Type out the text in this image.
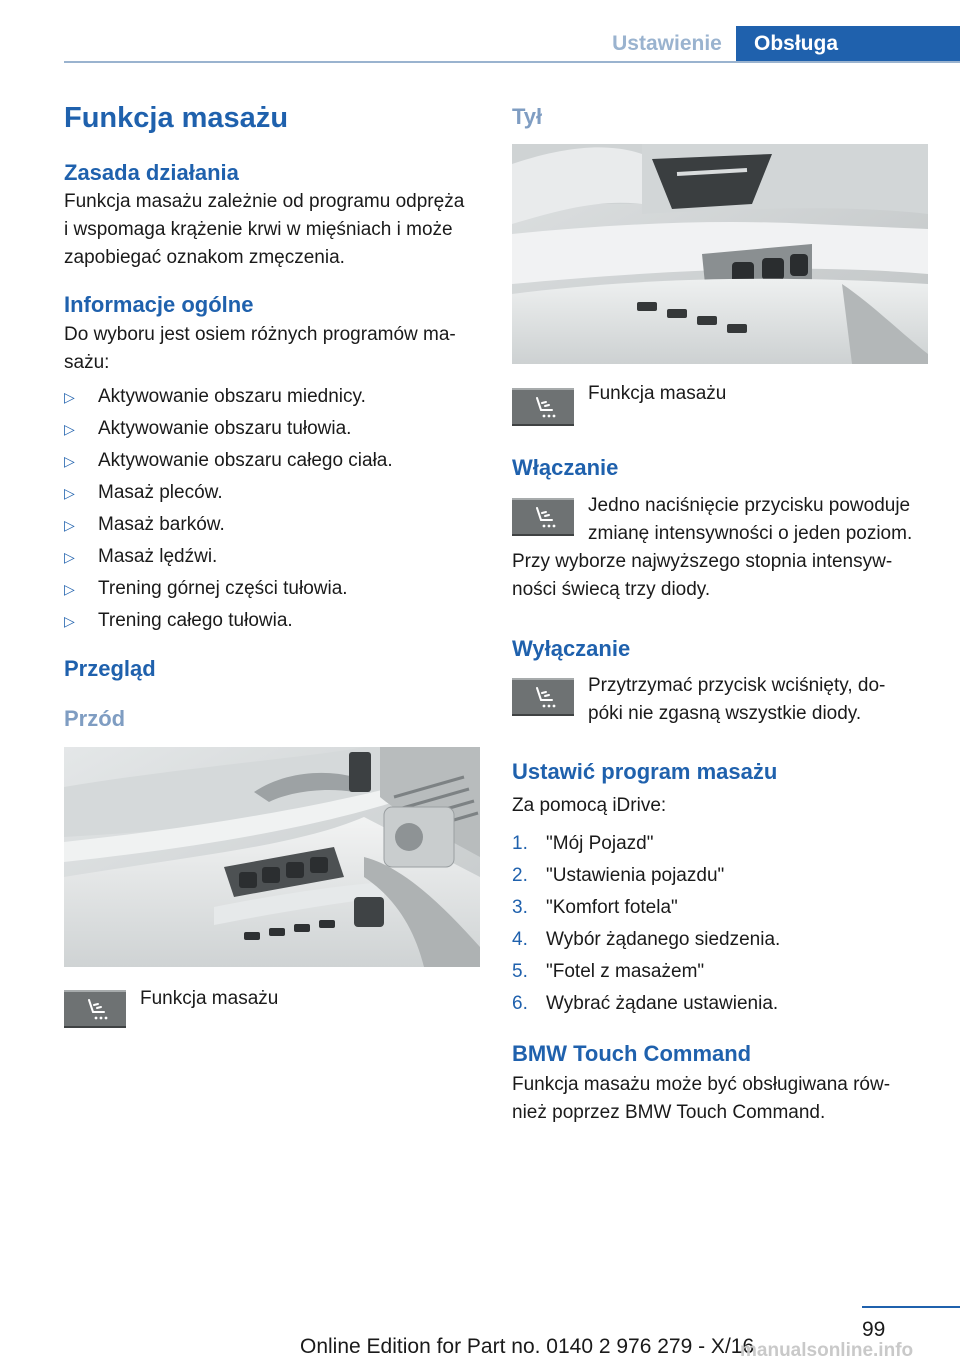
Ustawienie	Obsługa
Funkcja masażu
Zasada działania

Funkcja masażu zależnie od programu odpręża

i wspomaga krążenie krwi w mięśniach i może

zapobiegać oznakom zmęczenia.

Informacje ogólne

Do wyboru jest osiem różnych programów ma-

sażu:

▷ Aktywowanie obszaru miednicy.
▷ Aktywowanie obszaru tułowia.
▷ Aktywowanie obszaru całego ciała.
▷ Masaż pleców.
▷ Masaż barków.
▷ Masaż lędźwi.
▷ Trening górnej części tułowia.
▷ Trening całego tułowia.
Przegląd
Przód

Funkcja masażu

Tył

Funkcja masażu

Włączanie

Jedno naciśnięcie przycisku powoduje

zmianę intensywności o jeden poziom.

Przy wyborze najwyższego stopnia intensyw-

ności świecą trzy diody.

Wyłączanie

Przytrzymać przycisk wciśnięty, do-

póki nie zgasną wszystkie diody.

Ustawić program masażu

Za pomocą iDrive:

1. "Mój Pojazd"
2. "Ustawienia pojazdu"
3. "Komfort fotela"
4. Wybór żądanego siedzenia.
5. "Fotel z masażem"
6. Wybrać żądane ustawienia.
BMW Touch Command

Funkcja masażu może być obsługiwana rów-

nież poprzez BMW Touch Command.

99
Online Edition for Part no. 0140 2 976 279 - X/16
manualsonline.info
